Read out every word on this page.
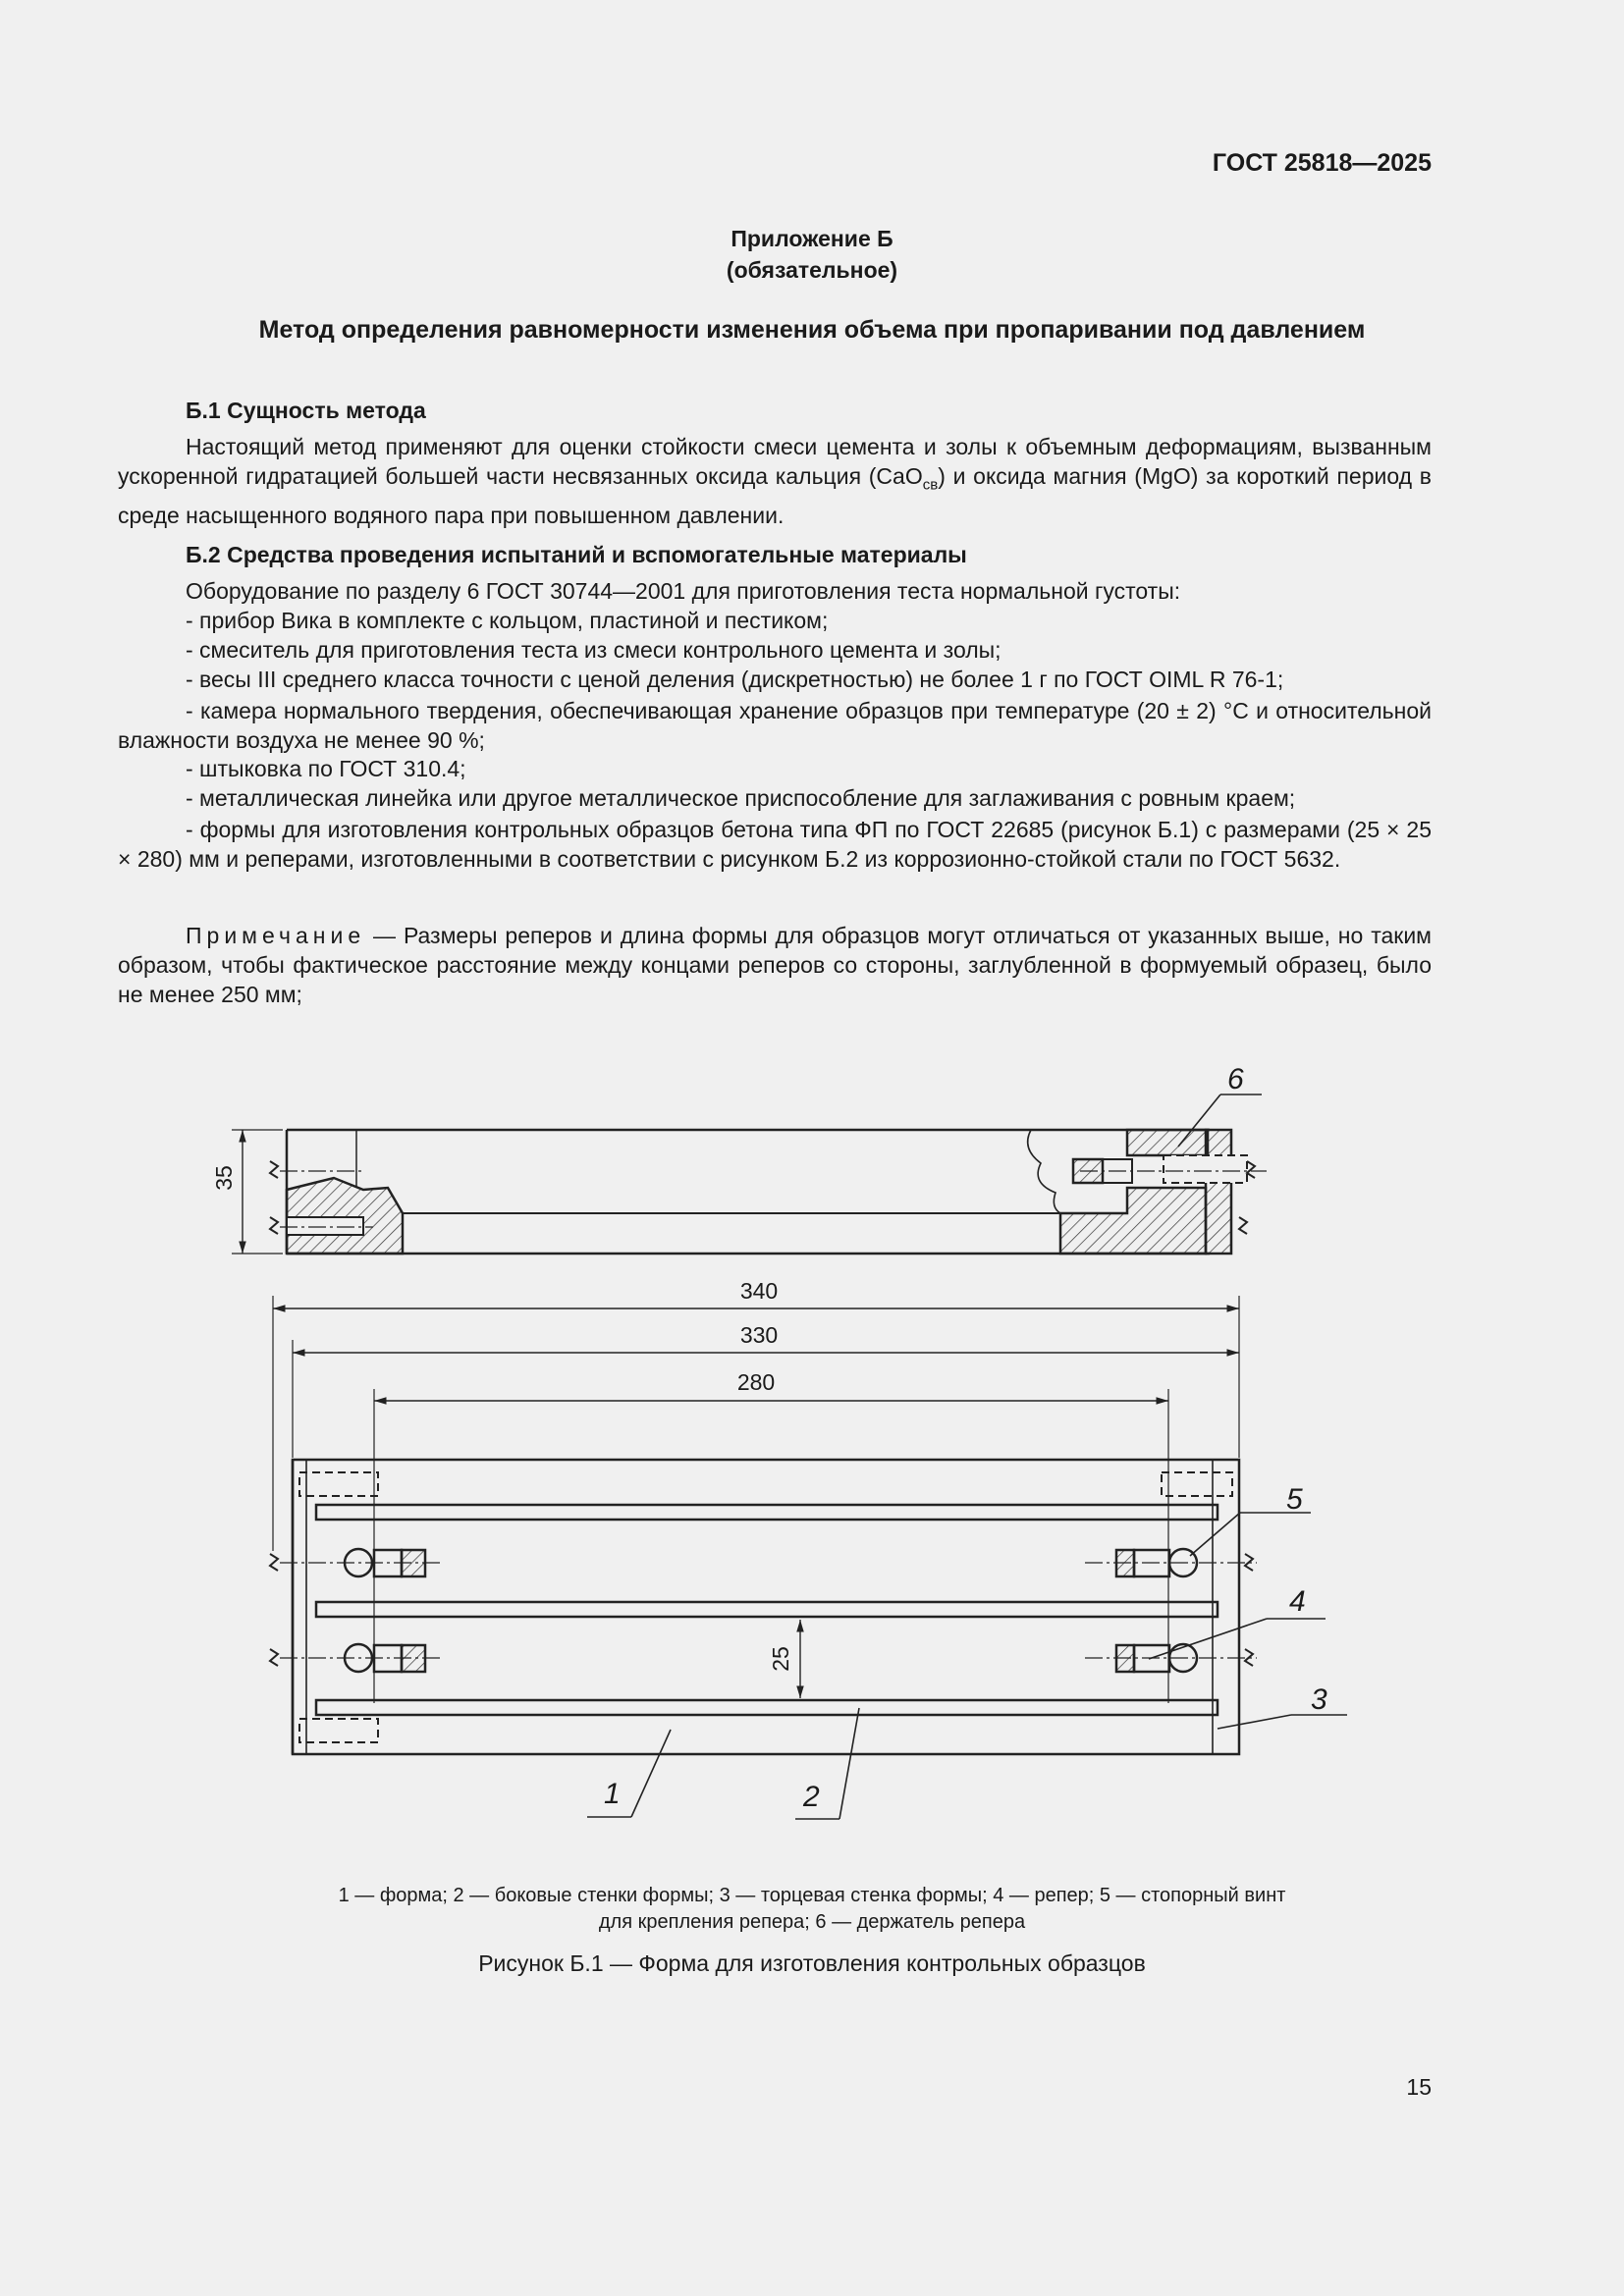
ГОСТ 25818—2025
Приложение Б
(обязательное)
Метод определения равномерности изменения объема при пропаривании под давлением
Б.1 Сущность метода

Настоящий метод применяют для оценки стойкости смеси цемента и золы к объемным деформациям, вызванным ускоренной гидратацией большей части несвязанных оксида кальция (CaO$_{св}$) и оксида магния (MgO) за короткий период в среде насыщенного водяного пара при повышенном давлении.

Б.2 Средства проведения испытаний и вспомогательные материалы
Оборудование по разделу 6 ГОСТ 30744—2001 для приготовления теста нормальной густоты:
- прибор Вика в комплекте с кольцом, пластиной и пестиком;
- смеситель для приготовления теста из смеси контрольного цемента и золы;
- весы III среднего класса точности с ценой деления (дискретностью) не более 1 г по ГОСТ OIML R 76-1;

- камера нормального твердения, обеспечивающая хранение образцов при температуре (20 ± 2) °С и относительной влажности воздуха не менее 90 %;

- штыковка по ГОСТ 310.4;
- металлическая линейка или другое металлическое приспособление для заглаживания с ровным краем;

- формы для изготовления контрольных образцов бетона типа ФП по ГОСТ 22685 (рисунок Б.1) с размерами (25 × 25 × 280) мм и реперами, изготовленными в соответствии с рисунком Б.2 из коррозионно-стойкой стали по ГОСТ 5632.

Примечание — Размеры реперов и длина формы для образцов могут отличаться от указанных выше, но таким образом, чтобы фактическое расстояние между концами реперов со стороны, заглубленной в формуемый образец, было не менее 250 мм;

35
340
330
280
25
6
5
4
3
1	2
1 — форма; 2 — боковые стенки формы; 3 — торцевая стенка формы; 4 — репер; 5 — стопорный винт
для крепления репера; 6 — держатель репера
Рисунок Б.1 — Форма для изготовления контрольных образцов
15
